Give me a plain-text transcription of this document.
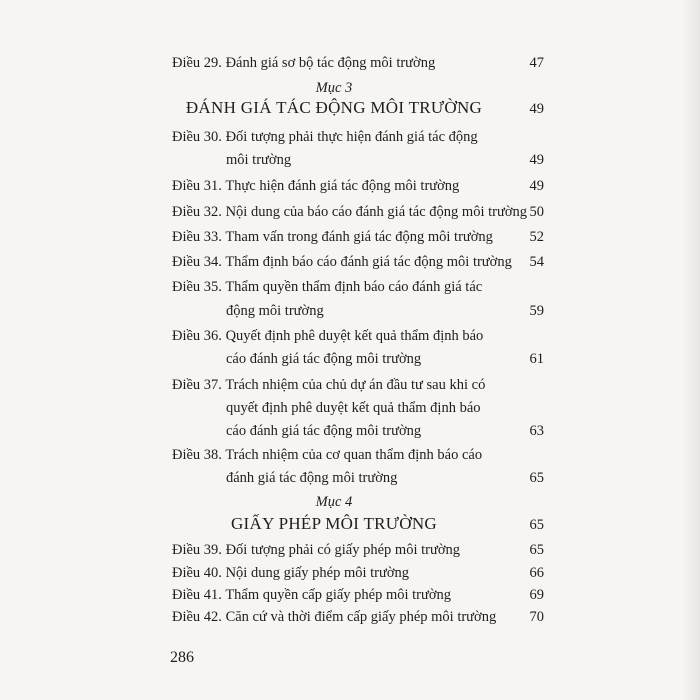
Điều 29. Đánh giá sơ bộ tác động môi trường	47
Mục 3
ĐÁNH GIÁ TÁC ĐỘNG MÔI TRƯỜNG	49
Điều 30. Đối tượng phải thực hiện đánh giá tác động
môi trường	49
Điều 31. Thực hiện đánh giá tác động môi trường	49
Điều 32. Nội dung của báo cáo đánh giá tác động môi trường 50
Điều 33. Tham vấn trong đánh giá tác động môi trường	52
Điều 34. Thẩm định báo cáo đánh giá tác động môi trường 54
Điều 35. Thẩm quyền thẩm định báo cáo đánh giá tác
động môi trường	59
Điều 36. Quyết định phê duyệt kết quả thẩm định báo
cáo đánh giá tác động môi trường	61
Điều 37. Trách nhiệm của chủ dự án đầu tư sau khi có
quyết định phê duyệt kết quả thẩm định báo
cáo đánh giá tác động môi trường	63
Điều 38. Trách nhiệm của cơ quan thẩm định báo cáo
đánh giá tác động môi trường	65
Mục 4
GIẤY PHÉP MÔI TRƯỜNG	65
Điều 39. Đối tượng phải có giấy phép môi trường	65
Điều 40. Nội dung giấy phép môi trường	66
Điều 41. Thẩm quyền cấp giấy phép môi trường	69
Điều 42. Căn cứ và thời điểm cấp giấy phép môi trường 70
286
